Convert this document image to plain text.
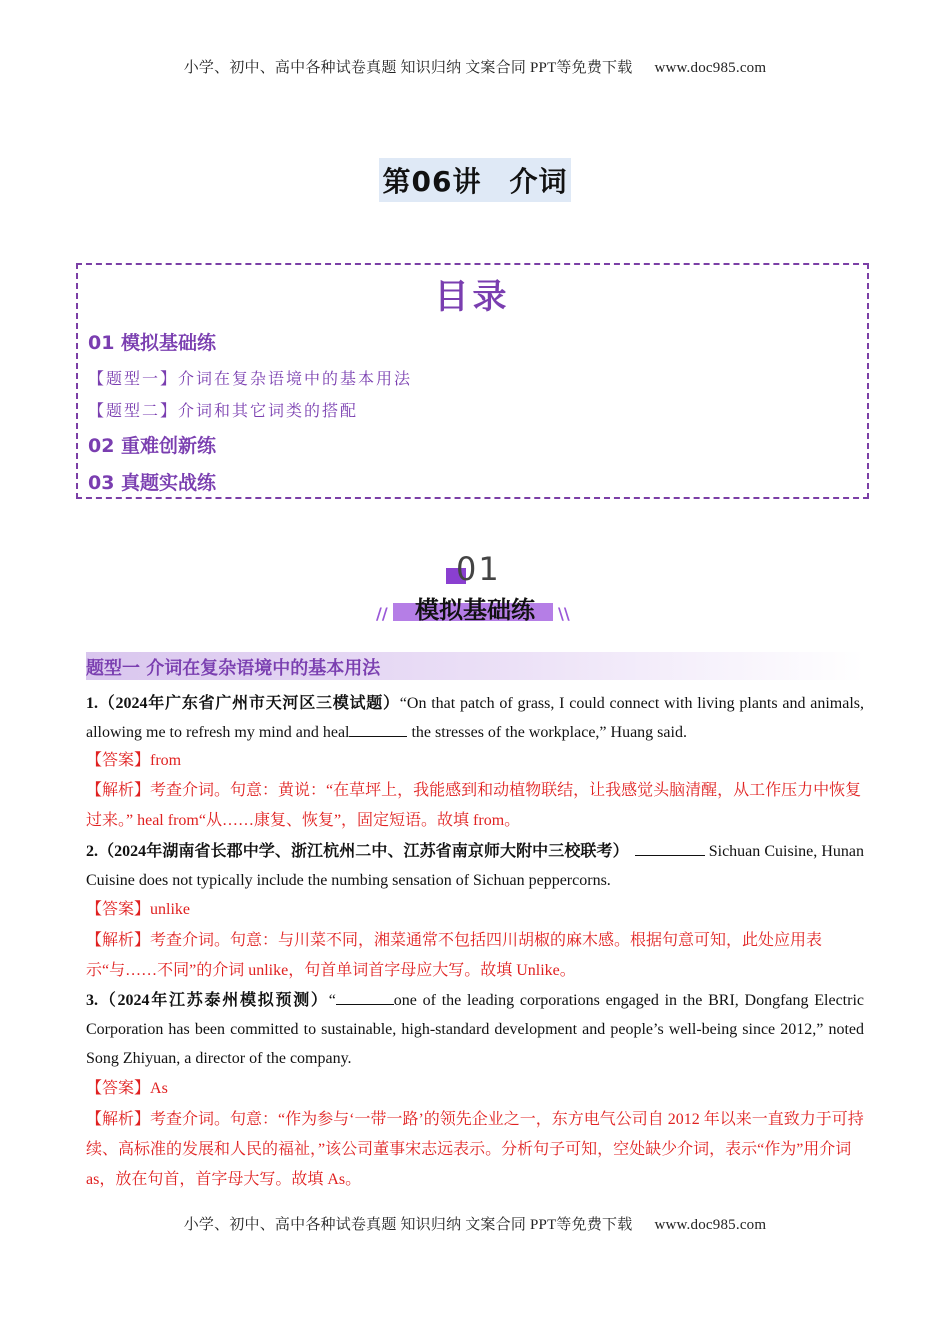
小学、初中、高中各种试卷真题 知识归纳 文案合同 PPT等免费下载 www.doc985.com
第06讲 介词
目录
01 模拟基础练
【题型一】介词在复杂语境中的基本用法
【题型二】介词和其它词类的搭配
02 重难创新练
03 真题实战练
01
//	模拟基础练	\\
题型一 介词在复杂语境中的基本用法
1.（2024年广东省广州市天河区三模试题）“On that patch of grass, I could connect with living plants and animals, allowing me to refresh my mind and heal	the stresses of the workplace,” Huang said.
【答案】from
【解析】考查介词。句意：黄说：“在草坪上，我能感到和动植物联结，让我感觉头脑清醒，从工作压力中恢复过来。” heal from“从……康复、恢复”，固定短语。故填 from。
2.（2024年湖南省长郡中学、浙江杭州二中、江苏省南京师大附中三校联考）	Sichuan Cuisine, Hunan Cuisine does not typically include the numbing sensation of Sichuan peppercorns.
【答案】unlike
【解析】考查介词。句意：与川菜不同，湘菜通常不包括四川胡椒的麻木感。根据句意可知，此处应用表示“与……不同”的介词 unlike，句首单词首字母应大写。故填 Unlike。
3.（2024年江苏泰州模拟预测）“	one of the leading corporations engaged in the BRI, Dongfang Electric Corporation has been committed to sustainable, high-standard development and people’s well-being since 2012,” noted Song Zhiyuan, a director of the company.
【答案】As
【解析】考查介词。句意：“作为参与‘一带一路’的领先企业之一，东方电气公司自 2012 年以来一直致力于可持续、高标准的发展和人民的福祉，”该公司董事宋志远表示。分析句子可知，空处缺少介词，表示“作为”用介词 as，放在句首，首字母大写。故填 As。
小学、初中、高中各种试卷真题 知识归纳 文案合同 PPT等免费下载 www.doc985.com
